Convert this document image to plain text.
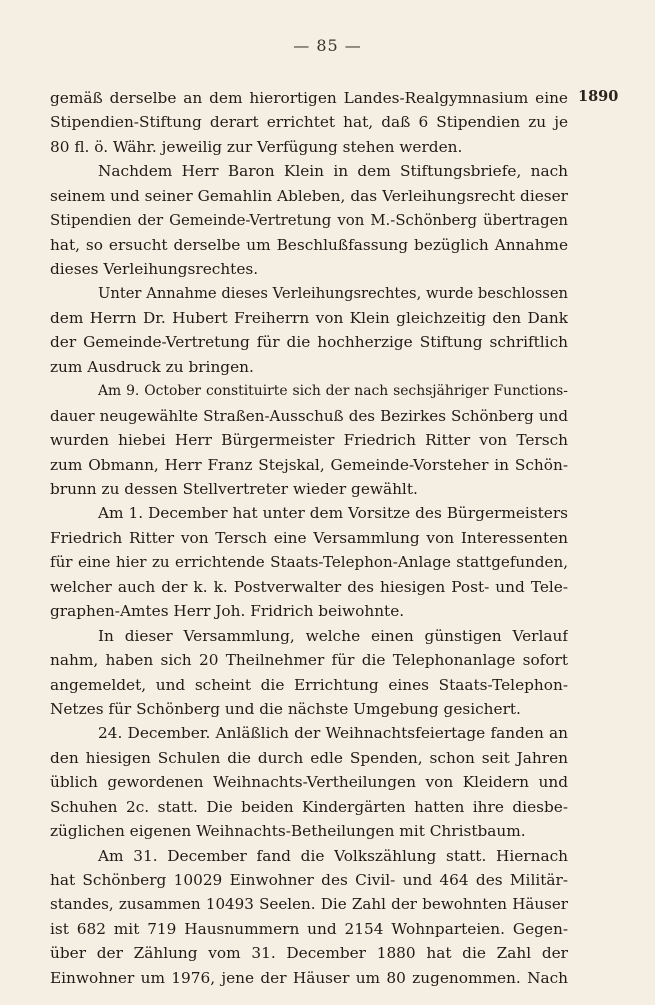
— 85 —
1890
gemäß derselbe an dem hierortigen Landes-Realgymnasium eine
Stipendien-Stiftung derart errichtet hat, daß 6 Stipendien zu je
80 fl. ö. Währ. jeweilig zur Verfügung stehen werden.
Nachdem Herr Baron Klein in dem Stiftungsbriefe, nach
seinem und seiner Gemahlin Ableben, das Verleihungsrecht dieser
Stipendien der Gemeinde-Vertretung von M.-Schönberg übertragen
hat, so ersucht derselbe um Beschlußfassung bezüglich Annahme
dieses Verleihungsrechtes.
Unter Annahme dieses Verleihungsrechtes, wurde beschlossen
dem Herrn Dr. Hubert Freiherrn von Klein gleichzeitig den Dank
der Gemeinde-Vertretung für die hochherzige Stiftung schriftlich
zum Ausdruck zu bringen.
Am 9. October constituirte sich der nach sechsjähriger Functions-
dauer neugewählte Straßen-Ausschuß des Bezirkes Schönberg und
wurden hiebei Herr Bürgermeister Friedrich Ritter von Tersch
zum Obmann, Herr Franz Stejskal, Gemeinde-Vorsteher in Schön-
brunn zu dessen Stellvertreter wieder gewählt.
Am 1. December hat unter dem Vorsitze des Bürgermeisters
Friedrich Ritter von Tersch eine Versammlung von Interessenten
für eine hier zu errichtende Staats-Telephon-Anlage stattgefunden,
welcher auch der k. k. Postverwalter des hiesigen Post- und Tele-
graphen-Amtes Herr Joh. Fridrich beiwohnte.
In dieser Versammlung, welche einen günstigen Verlauf
nahm, haben sich 20 Theilnehmer für die Telephonanlage sofort
angemeldet, und scheint die Errichtung eines Staats-Telephon-
Netzes für Schönberg und die nächste Umgebung gesichert.
24. December. Anläßlich der Weihnachtsfeiertage fanden an
den hiesigen Schulen die durch edle Spenden, schon seit Jahren
üblich gewordenen Weihnachts-Vertheilungen von Kleidern und
Schuhen 2c. statt. Die beiden Kindergärten hatten ihre diesbe-
züglichen eigenen Weihnachts-Betheilungen mit Christbaum.
Am 31. December fand die Volkszählung statt. Hiernach
hat Schönberg 10029 Einwohner des Civil- und 464 des Militär-
standes, zusammen 10493 Seelen. Die Zahl der bewohnten Häuser
ist 682 mit 719 Hausnummern und 2154 Wohnparteien. Gegen-
über der Zählung vom 31. December 1880 hat die Zahl der
Einwohner um 1976, jene der Häuser um 80 zugenommen. Nach
